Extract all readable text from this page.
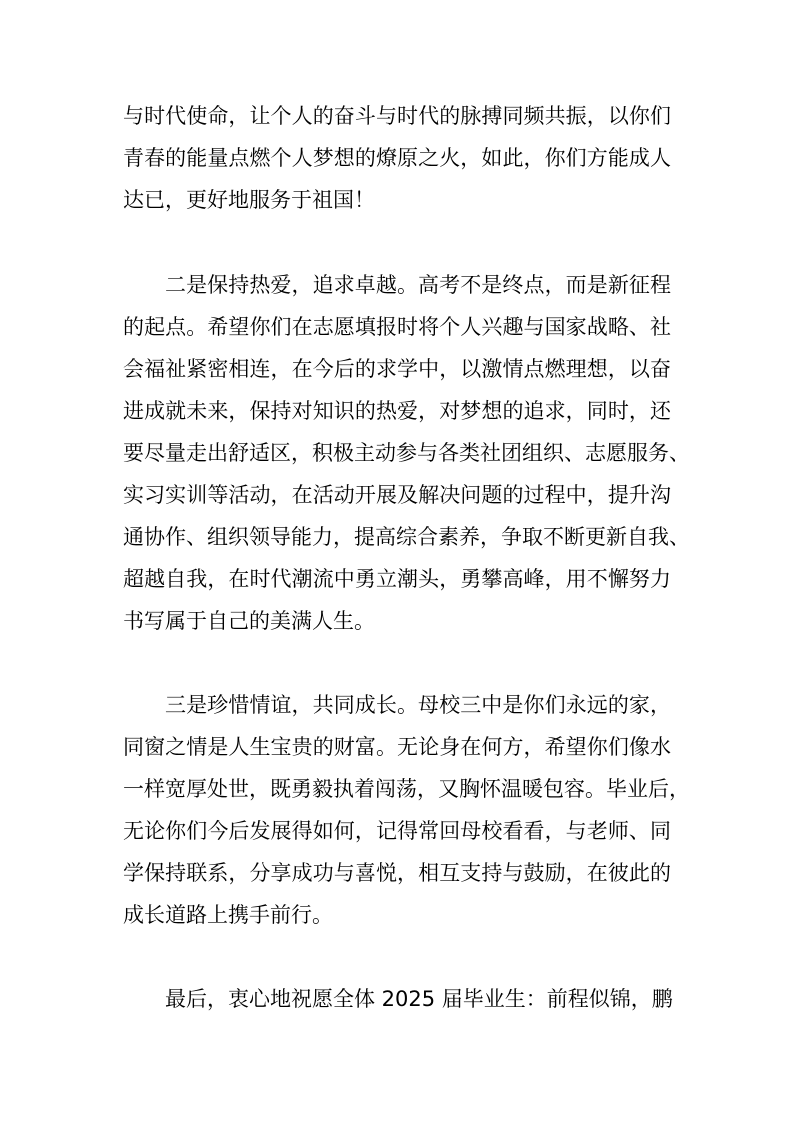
与时代使命，让个人的奋斗与时代的脉搏同频共振，以你们
青春的能量点燃个人梦想的燎原之火，如此，你们方能成人
达已，更好地服务于祖国！
二是保持热爱，追求卓越。高考不是终点，而是新征程
的起点。希望你们在志愿填报时将个人兴趣与国家战略、社
会福祉紧密相连，在今后的求学中，以激情点燃理想，以奋
进成就未来，保持对知识的热爱，对梦想的追求，同时，还
要尽量走出舒适区，积极主动参与各类社团组织、志愿服务、
实习实训等活动，在活动开展及解决问题的过程中，提升沟
通协作、组织领导能力，提高综合素养，争取不断更新自我、
超越自我，在时代潮流中勇立潮头，勇攀高峰，用不懈努力
书写属于自己的美满人生。
三是珍惜情谊，共同成长。母校三中是你们永远的家，
同窗之情是人生宝贵的财富。无论身在何方，希望你们像水
一样宽厚处世，既勇毅执着闯荡，又胸怀温暖包容。毕业后，
无论你们今后发展得如何，记得常回母校看看，与老师、同
学保持联系，分享成功与喜悦，相互支持与鼓励，在彼此的
成长道路上携手前行。
最后，衷心地祝愿全体 2025 届毕业生：前程似锦，鹏
